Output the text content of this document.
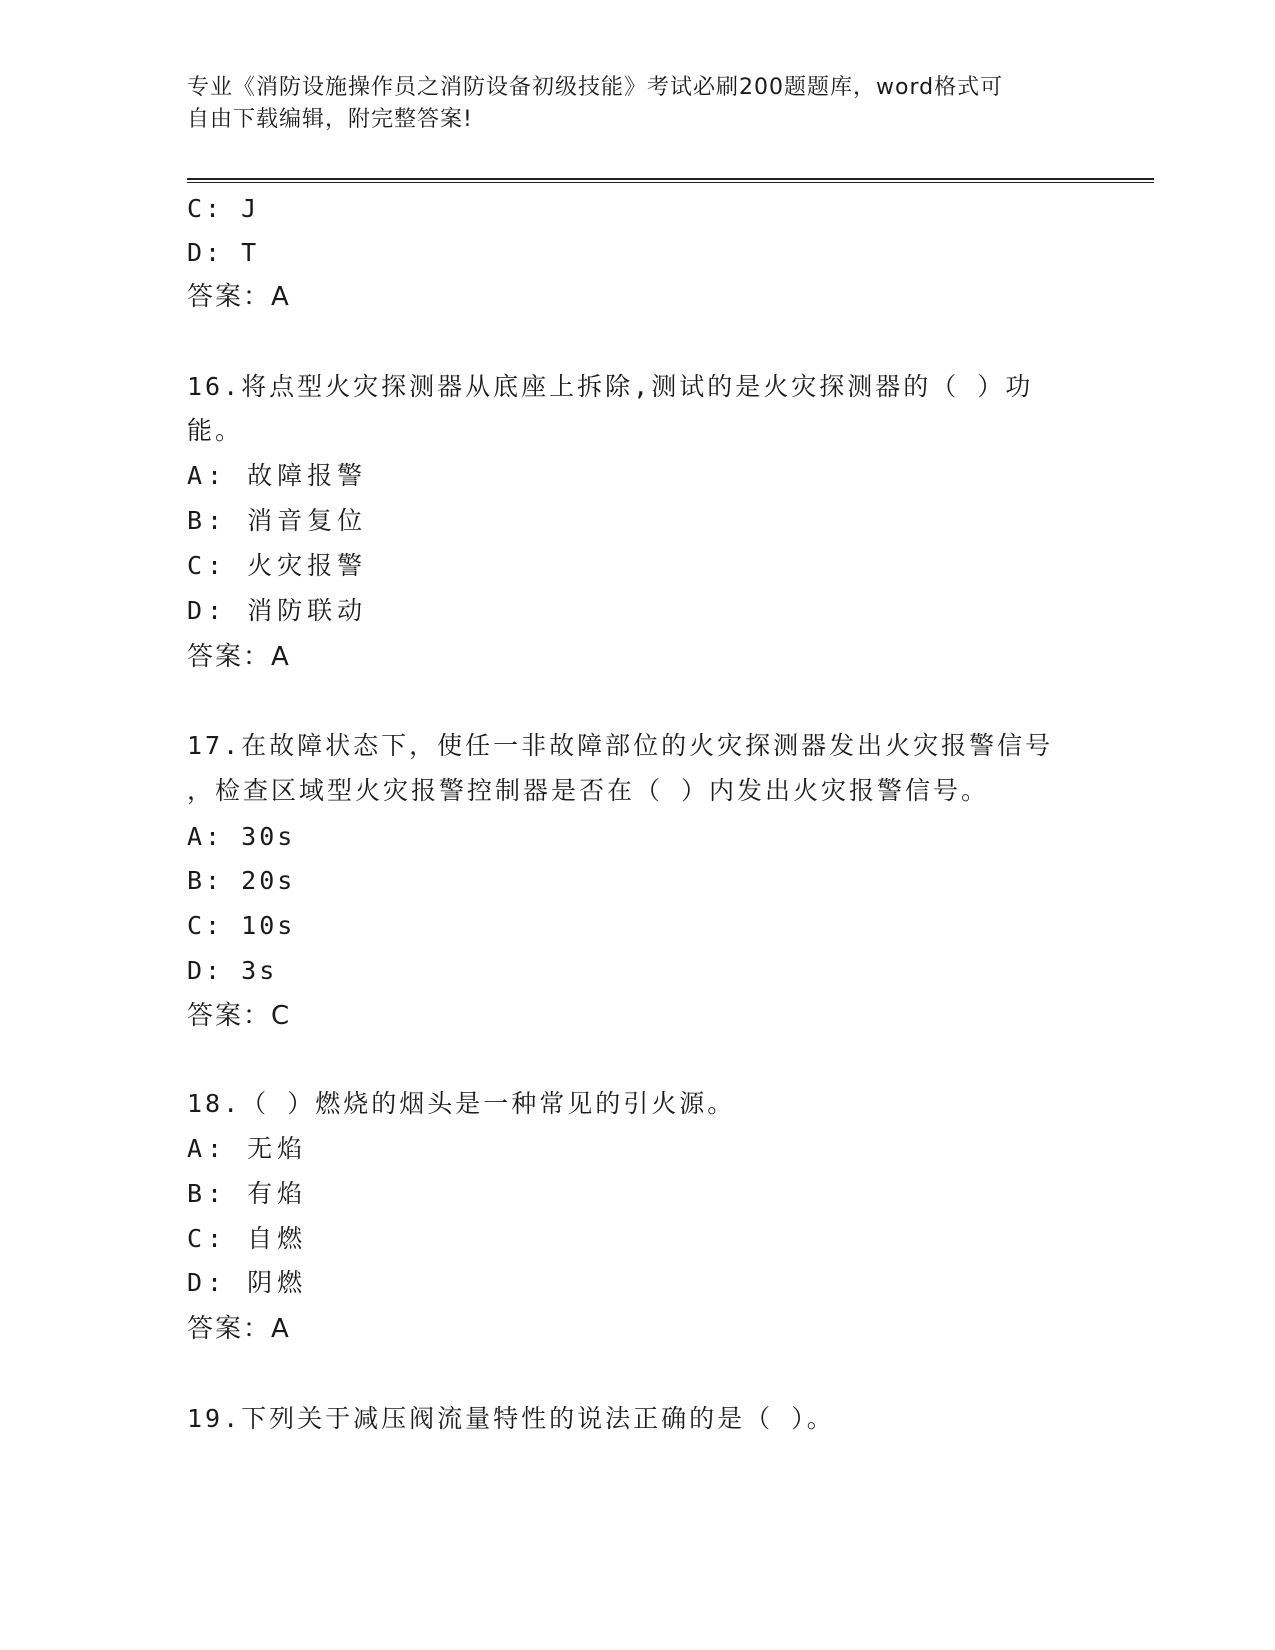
专业《消防设施操作员之消防设备初级技能》考试必刷200题题库，word格式可
自由下载编辑，附完整答案!
C: J
D: T
答案：A
16.将点型火灾探测器从底座上拆除,测试的是火灾探测器的（ ）功
能。
A: 故障报警
B: 消音复位
C: 火灾报警
D: 消防联动
答案：A
17.在故障状态下，使任一非故障部位的火灾探测器发出火灾报警信号
，检查区域型火灾报警控制器是否在（ ）内发出火灾报警信号。
A: 30s
B: 20s
C: 10s
D: 3s
答案：C
18.（ ）燃烧的烟头是一种常见的引火源。
A: 无焰
B: 有焰
C: 自燃
D: 阴燃
答案：A
19.下列关于减压阀流量特性的说法正确的是（ ）。
